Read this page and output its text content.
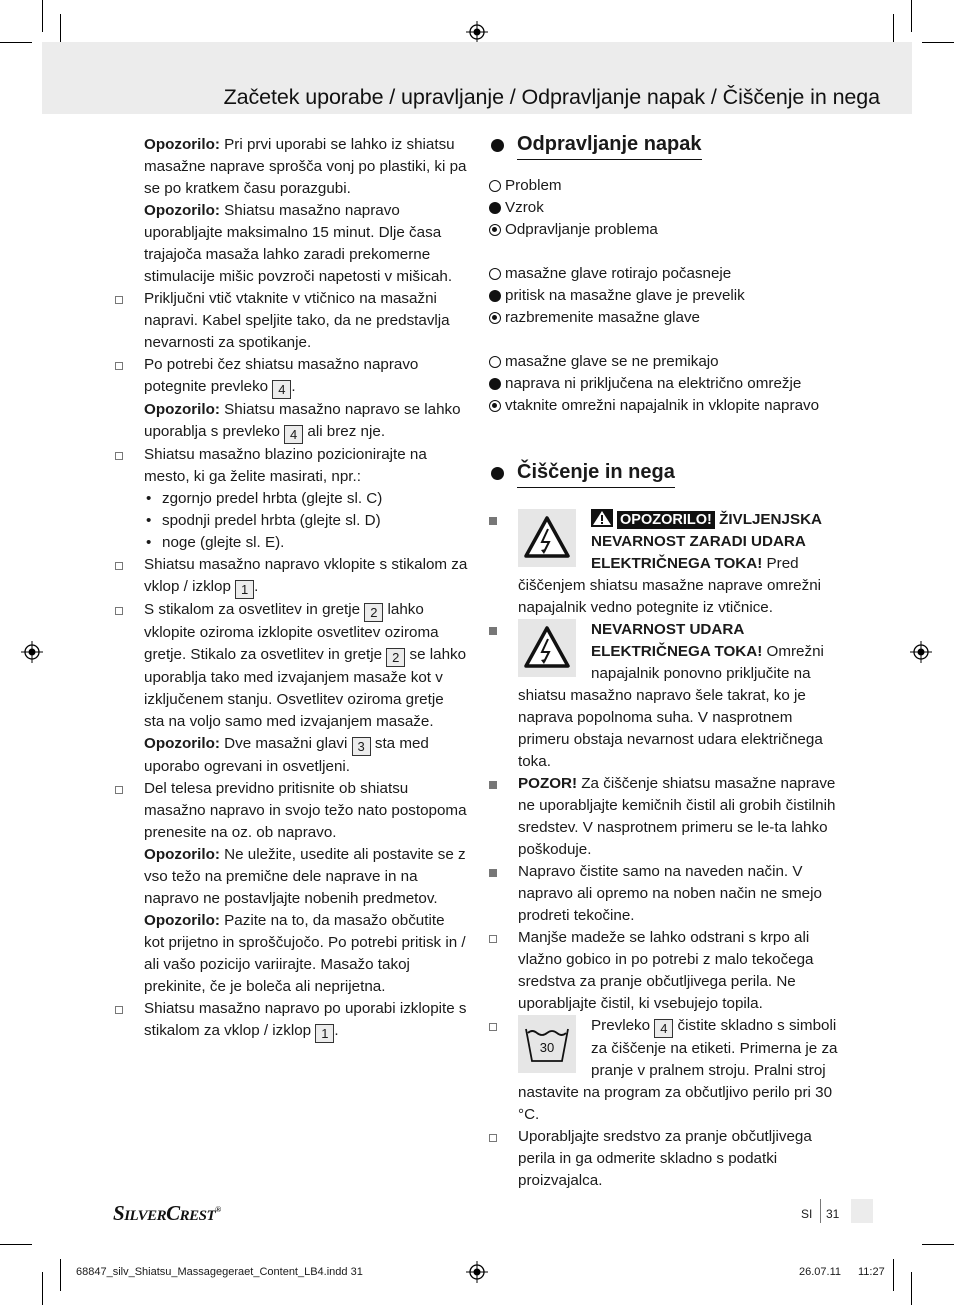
Začetek uporabe / upravljanje / Odpravljanje napak / Čiščenje in nega
Opozorilo: Pri prvi uporabi se lahko iz shiatsu masažne naprave sprošča vonj po plastiki, ki pa se po kratkem času porazgubi.
Opozorilo: Shiatsu masažno napravo uporabljajte maksimalno 15 minut. Dlje časa trajajoča masaža lahko zaradi prekomerne stimulacije mišic povzroči napetosti v mišicah.
Priključni vtič vtaknite v vtičnico na masažni napravi. Kabel speljite tako, da ne predstavlja nevarnosti za spotikanje.
Po potrebi čez shiatsu masažno napravo potegnite prevleko 4 .
Opozorilo: Shiatsu masažno napravo se lahko uporablja s prevleko 4 ali brez nje.
Shiatsu masažno blazino pozicionirajte na mesto, ki ga želite masirati, npr.:
• zgornjo predel hrbta (glejte sl. C)
• spodnji predel hrbta (glejte sl. D)
• noge (glejte sl. E).
Shiatsu masažno napravo vklopite s stikalom za vklop / izklop 1 .
S stikalom za osvetlitev in gretje 2 lahko vklopite oziroma izklopite osvetlitev oziroma gretje. Stikalo za osvetlitev in gretje 2 se lahko uporablja tako med izvajanjem masaže kot v izključenem stanju. Osvetlitev oziroma gretje sta na voljo samo med izvajanjem masaže.
Opozorilo: Dve masažni glavi 3 sta med uporabo ogrevani in osvetljeni.
Del telesa previdno pritisnite ob shiatsu masažno napravo in svojo težo nato postopoma prenesite na oz. ob napravo.
Opozorilo: Ne uležite, usedite ali postavite se z vso težo na premične dele naprave in na napravo ne postavljajte nobenih predmetov.
Opozorilo: Pazite na to, da masažo občutite kot prijetno in sproščujočo. Po potrebi pritisk in / ali vašo pozicijo variirajte. Masažo takoj prekinite, če je boleča ali neprijetna.
Shiatsu masažno napravo po uporabi izklopite s stikalom za vklop / izklop 1 .
Odpravljanje napak
Problem
Vzrok
Odpravljanje problema
masažne glave rotirajo počasneje
pritisk na masažne glave je prevelik
razbremenite masažne glave
masažne glave se ne premikajo
naprava ni priključena na električno omrežje
vtaknite omrežni napajalnik in vklopite napravo
Čiščenje in nega
OPOZORILO! ŽIVLJENJSKA NEVARNOST ZARADI UDARA ELEKTRIČNEGA TOKA! Pred čiščenjem shiatsu masažne naprave omrežni napajalnik vedno potegnite iz vtičnice.
NEVARNOST UDARA ELEKTRIČNEGA TOKA! Omrežni napajalnik ponovno priključite na shiatsu masažno napravo šele takrat, ko je naprava popolnoma suha. V nasprotnem primeru obstaja nevarnost udara električnega toka.
POZOR! Za čiščenje shiatsu masažne naprave ne uporabljajte kemičnih čistil ali grobih čistilnih sredstev. V nasprotnem primeru se le-ta lahko poškoduje.
Napravo čistite samo na naveden način. V napravo ali opremo na noben način ne smejo prodreti tekočine.
Manjše madeže se lahko odstrani s krpo ali vlažno gobico in po potrebi z malo tekočega sredstva za pranje občutljivega perila. Ne uporabljajte čistil, ki vsebujejo topila.
30
Prevleko 4 čistite skladno s simboli za čiščenje na etiketi. Primerna je za pranje v pralnem stroju. Pralni stroj nastavite na program za občutljivo perilo pri 30 °C.
Uporabljajte sredstvo za pranje občutljivega perila in ga odmerite skladno s podatki proizvajalca.
SILVERCREST®	SI 31
68847_silv_Shiatsu_Massagegeraet_Content_LB4.indd 31	26.07.11 11:27
